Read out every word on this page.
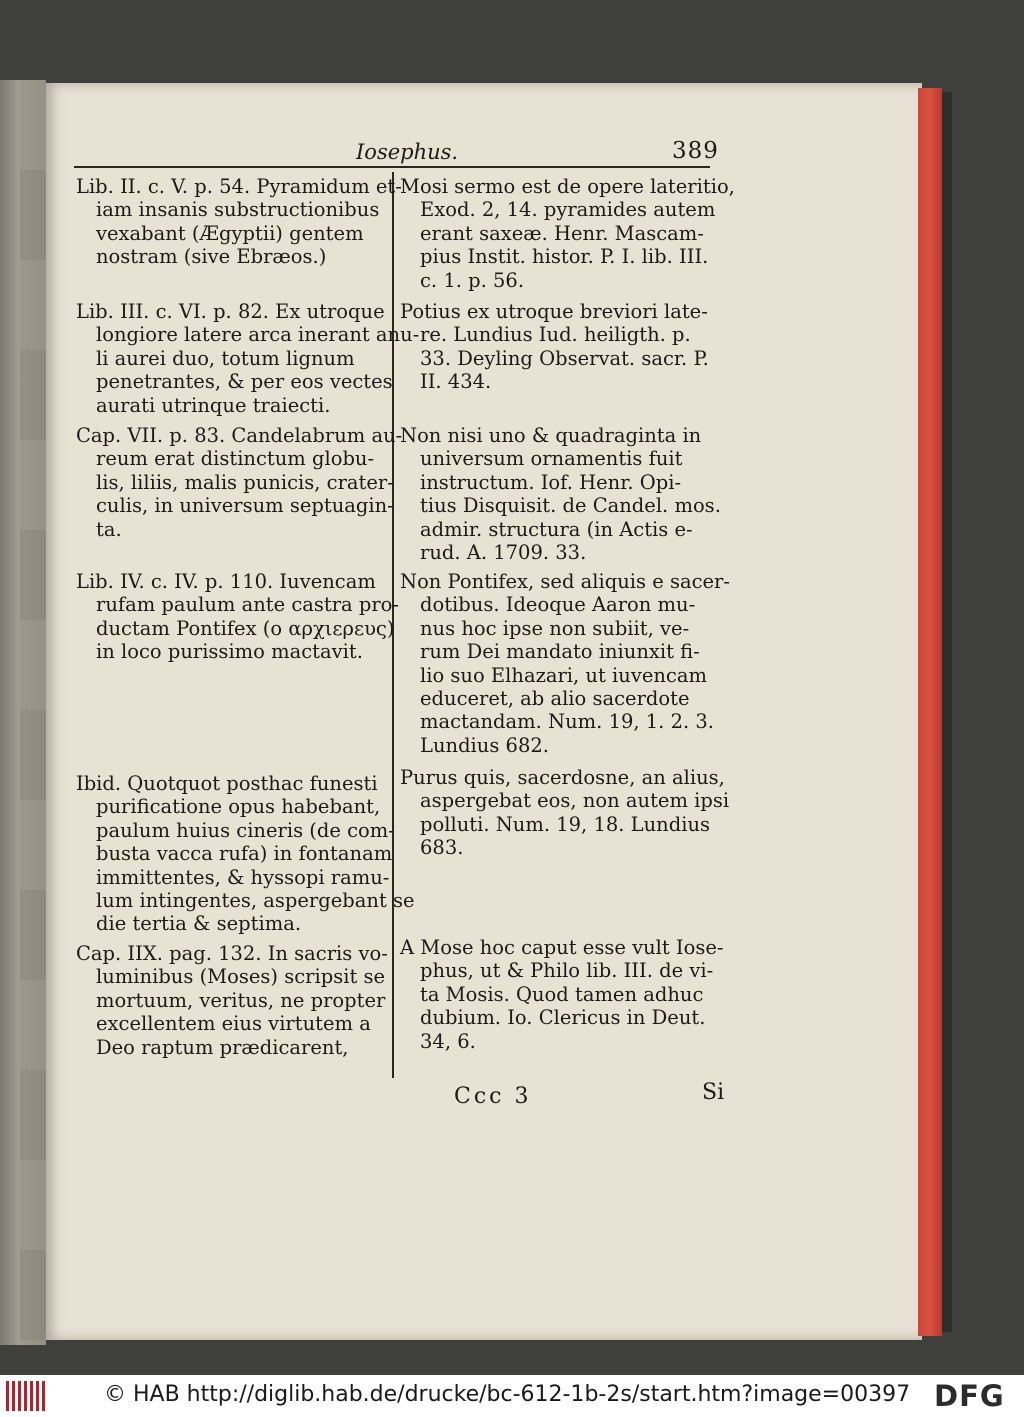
Iosephus.	389
Lib. II. c. V. p. 54. Pyramidum et-
iam insanis substructionibus
vexabant (Ægyptii) gentem
nostram (sive Ebræos.)
Mosi sermo est de opere lateritio,
Exod. 2, 14. pyramides autem
erant saxeæ. Henr. Mascam-
pius Instit. histor. P. I. lib. III.
c. 1. p. 56.
Lib. III. c. VI. p. 82. Ex utroque
longiore latere arca inerant anu-
li aurei duo, totum lignum
penetrantes, & per eos vectes
aurati utrinque traiecti.
Potius ex utroque breviori late-
re. Lundius Iud. heiligth. p.
33. Deyling Observat. sacr. P.
II. 434.
Cap. VII. p. 83. Candelabrum au-
reum erat distinctum globu-
lis, liliis, malis punicis, crater-
culis, in universum septuagin-
ta.
Non nisi uno & quadraginta in
universum ornamentis fuit
instructum. Iof. Henr. Opi-
tius Disquisit. de Candel. mos.
admir. structura (in Actis e-
rud. A. 1709. 33.
Lib. IV. c. IV. p. 110. Iuvencam
rufam paulum ante castra pro-
ductam Pontifex (ο αρχιερευς)
in loco purissimo mactavit.
Non Pontifex, sed aliquis e sacer-
dotibus. Ideoque Aaron mu-
nus hoc ipse non subiit, ve-
rum Dei mandato iniunxit fi-
lio suo Elhazari, ut iuvencam
educeret, ab alio sacerdote
mactandam. Num. 19, 1. 2. 3.
Lundius 682.
Ibid. Quotquot posthac funesti
purificatione opus habebant,
paulum huius cineris (de com-
busta vacca rufa) in fontanam
immittentes, & hyssopi ramu-
lum intingentes, aspergebant se
die tertia & septima.
Purus quis, sacerdosne, an alius,
aspergebat eos, non autem ipsi
polluti. Num. 19, 18. Lundius
683.
Cap. IIX. pag. 132. In sacris vo-
luminibus (Moses) scripsit se
mortuum, veritus, ne propter
excellentem eius virtutem a
Deo raptum prædicarent,
A Mose hoc caput esse vult Iose-
phus, ut & Philo lib. III. de vi-
ta Mosis. Quod tamen adhuc
dubium. Io. Clericus in Deut.
34, 6.
Ccc 3	Si
© HAB http://diglib.hab.de/drucke/bc-612-1b-2s/start.htm?image=00397 DFG
